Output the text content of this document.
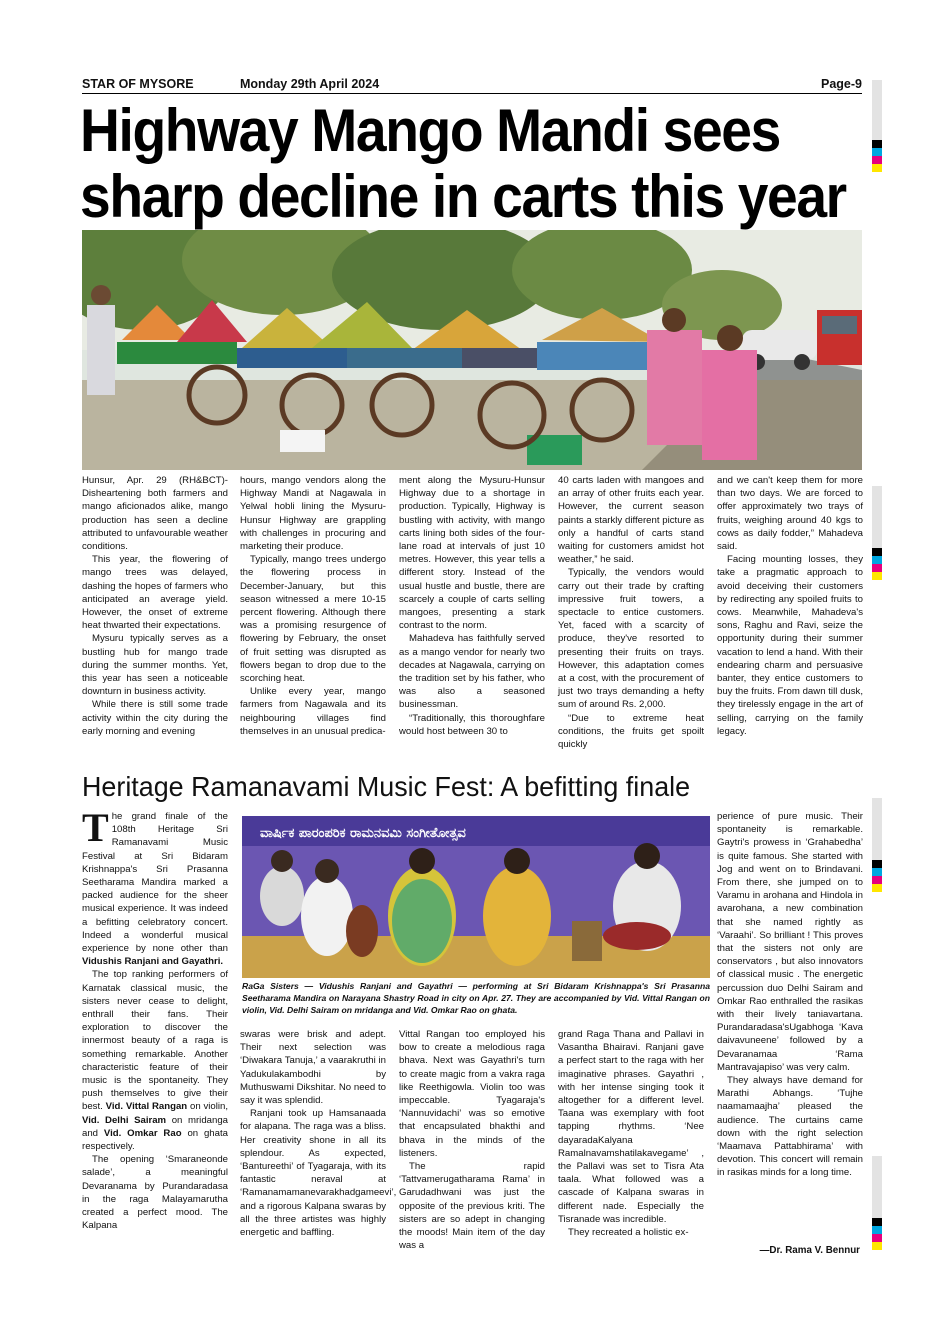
STAR OF MYSORE	Monday 29th April 2024	Page-9
Highway Mango Mandi sees
sharp decline in carts this year

Hunsur, Apr. 29 (RH&BCT)- Disheartening both farmers and mango aficionados alike, mango production has seen a decline attributed to unfavourable weather conditions.

This year, the flowering of mango trees was delayed, dashing the hopes of farmers who anticipated an average yield. However, the onset of extreme heat thwarted their expectations.

Mysuru typically serves as a bustling hub for mango trade during the summer months. Yet, this year has seen a noticeable downturn in business activity.

While there is still some trade activity within the city during the early morning and evening

hours, mango vendors along the Highway Mandi at Nagawala in Yelwal hobli lining the Mysuru-Hunsur Highway are grappling with challenges in procuring and marketing their produce.

Typically, mango trees undergo the flowering process in December-January, but this season witnessed a mere 10-15 percent flowering. Although there was a promising resurgence of flowering by February, the onset of fruit setting was disrupted as flowers began to drop due to the scorching heat.

Unlike every year, mango farmers from Nagawala and its neighbouring villages find themselves in an unusual predica-

ment along the Mysuru-Hunsur Highway due to a shortage in production. Typically, Highway is bustling with activity, with mango carts lining both sides of the four-lane road at intervals of just 10 metres. However, this year tells a different story. Instead of the usual hustle and bustle, there are scarcely a couple of carts selling mangoes, presenting a stark contrast to the norm.

Mahadeva has faithfully served as a mango vendor for nearly two decades at Nagawala, carrying on the tradition set by his father, who was also a seasoned businessman.

“Traditionally, this thoroughfare would host between 30 to

40 carts laden with mangoes and an array of other fruits each year. However, the current season paints a starkly different picture as only a handful of carts stand waiting for customers amidst hot weather,” he said.

Typically, the vendors would carry out their trade by crafting impressive fruit towers, a spectacle to entice customers. Yet, faced with a scarcity of produce, they've resorted to presenting their fruits on trays. However, this adaptation comes at a cost, with the procurement of just two trays demanding a hefty sum of around Rs. 2,000.

“Due to extreme heat conditions, the fruits get spoilt quickly

and we can't keep them for more than two days. We are forced to offer approximately two trays of fruits, weighing around 40 kgs to cows as daily fodder,” Mahadeva said.

Facing mounting losses, they take a pragmatic approach to avoid deceiving their customers by redirecting any spoiled fruits to cows. Meanwhile, Mahadeva's sons, Raghu and Ravi, seize the opportunity during their summer vacation to lend a hand. With their endearing charm and persuasive banter, they entice customers to buy the fruits. From dawn till dusk, they tirelessly engage in the art of selling, carrying on the family legacy.

Heritage Ramanavami Music Fest: A befitting finale
ವಾರ್ಷಿಕ ಪಾರಂಪರಿಕ ರಾಮನವಮಿ ಸಂಗೀತೋತ್ಸವ
RaGa Sisters — Vidushis Ranjani and Gayathri — performing at Sri Bidaram Krishnappa's Sri Prasanna Seetharama Mandira on Narayana Shastry Road in city on Apr. 27. They are accompanied by Vid. Vittal Rangan on violin, Vid. Delhi Sairam on mridanga and Vid. Omkar Rao on ghata.

The grand finale of the 108th Heritage Sri Ramanavami Music Festival at Sri Bidaram Krishnappa's Sri Prasanna Seetharama Mandira marked a packed audience for the sheer musical experience. It was indeed a befitting celebratory concert. Indeed a wonderful musical experience by none other than Vidushis Ranjani and Gayathri.

The top ranking performers of Karnatak classical music, the sisters never cease to delight, enthrall their fans. Their exploration to discover the innermost beauty of a raga is something remarkable. Another characteristic feature of their music is the spontaneity. They push themselves to give their best. Vid. Vittal Rangan on violin, Vid. Delhi Sairam on mridanga and Vid. Omkar Rao on ghata respectively.

The opening ‘Smaraneonde salade’, a meaningful Devaranama by Purandaradasa in the raga Malayamarutha created a perfect mood. The Kalpana

swaras were brisk and adept. Their next selection was ‘Diwakara Tanuja,’ a vaarakruthi in Yadukulakambodhi by Muthuswami Dikshitar. No need to say it was splendid.

Ranjani took up Hamsanaada for alapana. The raga was a bliss. Her creativity shone in all its splendour. As expected, ‘Bantureethi’ of Tyagaraja, with its fantastic neraval at ‘Ramanamamanevarakhadgameevi’, and a rigorous Kalpana swaras by all the three artistes was highly energetic and baffling.

Vittal Rangan too employed his bow to create a melodious raga bhava. Next was Gayathri's turn to create magic from a vakra raga like Reethigowla. Violin too was impeccable. Tyagaraja's ‘Nannuvidachi’ was so emotive that encapsulated bhakthi and bhava in the minds of the listeners.

The rapid ‘Tattvamerugatharama Rama’ in Garudadhwani was just the opposite of the previous kriti. The sisters are so adept in changing the moods! Main item of the day was a

grand Raga Thana and Pallavi in Vasantha Bhairavi. Ranjani gave a perfect start to the raga with her imaginative phrases. Gayathri , with her intense singing took it altogether for a different level. Taana was exemplary with foot tapping rhythms. ‘Nee dayaradaKalyana Ramalnavamshatilakavegame’ , the Pallavi was set to Tisra Ata taala. What followed was a cascade of Kalpana swaras in different nade. Especially the Tisranade was incredible.

They recreated a holistic ex-

perience of pure music. Their spontaneity is remarkable. Gaytri's prowess in ‘Grahabedha’ is quite famous. She started with Jog and went on to Brindavani. From there, she jumped on to Varamu in arohana and Hindola in avarohana, a new combination that she named rightly as ‘Varaahi’. So brilliant ! This proves that the sisters not only are conservators , but also innovators of classical music . The energetic percussion duo Delhi Sairam and Omkar Rao enthralled the rasikas with their lively taniavartana. Purandaradasa'sUgabhoga ‘Kava daivavuneene’ followed by a Devaranamaa ‘Rama Mantravajapiso’ was very calm.

They always have demand for Marathi Abhangs. ‘Tujhe naamamaajha’ pleased the audience. The curtains came down with the right selection ‘Maamava Pattabhirama’ with devotion. This concert will remain in rasikas minds for a long time.

—Dr. Rama V. Bennur
